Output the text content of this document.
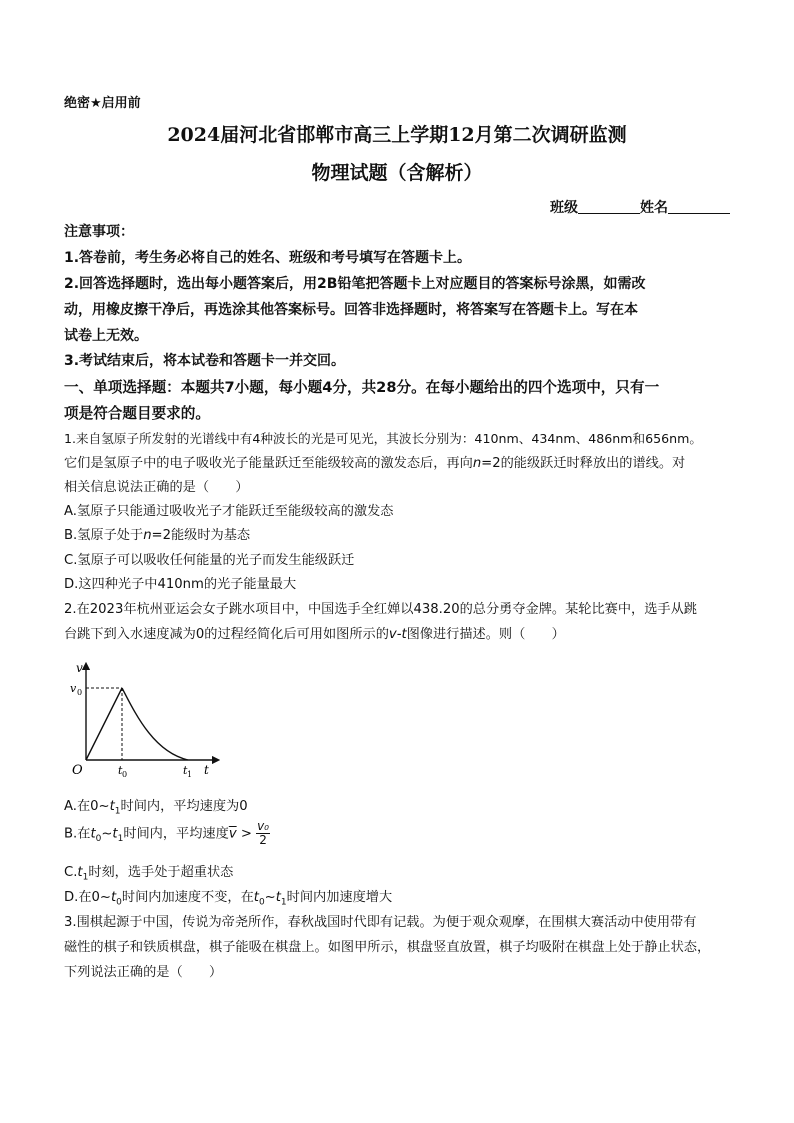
绝密★启用前
2024届河北省邯郸市高三上学期12月第二次调研监测
物理试题（含解析）
班级	姓名
注意事项：
1.答卷前，考生务必将自己的姓名、班级和考号填写在答题卡上。
2.回答选择题时，选出每小题答案后，用2B铅笔把答题卡上对应题目的答案标号涂黑，如需改
动，用橡皮擦干净后，再选涂其他答案标号。回答非选择题时，将答案写在答题卡上。写在本
试卷上无效。
3.考试结束后，将本试卷和答题卡一并交回。
一、单项选择题：本题共7小题，每小题4分，共28分。在每小题给出的四个选项中，只有一
项是符合题目要求的。
1.来自氢原子所发射的光谱线中有4种波长的光是可见光，其波长分别为：410nm、434nm、486nm和656nm。
它们是氢原子中的电子吸收光子能量跃迁至能级较高的激发态后，再向n=2的能级跃迁时释放出的谱线。对
相关信息说法正确的是（　　）
A.氢原子只能通过吸收光子才能跃迁至能级较高的激发态
B.氢原子处于n=2能级时为基态
C.氢原子可以吸收任何能量的光子而发生能级跃迁
D.这四种光子中410nm的光子能量最大
2.在2023年杭州亚运会女子跳水项目中，中国选手全红婵以438.20的总分勇夺金牌。某轮比赛中，选手从跳
台跳下到入水速度减为0的过程经简化后可用如图所示的v-t图像进行描述。则（　　）
v
v 0
O	t 0	t 1 t
A.在$0\sim t_1$时间内，平均速度为0
B.在$t_0\sim t_1$时间内，平均速度$\overline{v} > \frac{\text{v₀}}{2}$
$C.t_1$时刻，选手处于超重状态
D.在$0\sim t_0$时间内加速度不变，在$t_0\sim t_1$时间内加速度增大
3.围棋起源于中国，传说为帝尧所作，春秋战国时代即有记载。为便于观众观摩，在围棋大赛活动中使用带有
磁性的棋子和铁质棋盘，棋子能吸在棋盘上。如图甲所示，棋盘竖直放置，棋子均吸附在棋盘上处于静止状态，
下列说法正确的是（　　）
